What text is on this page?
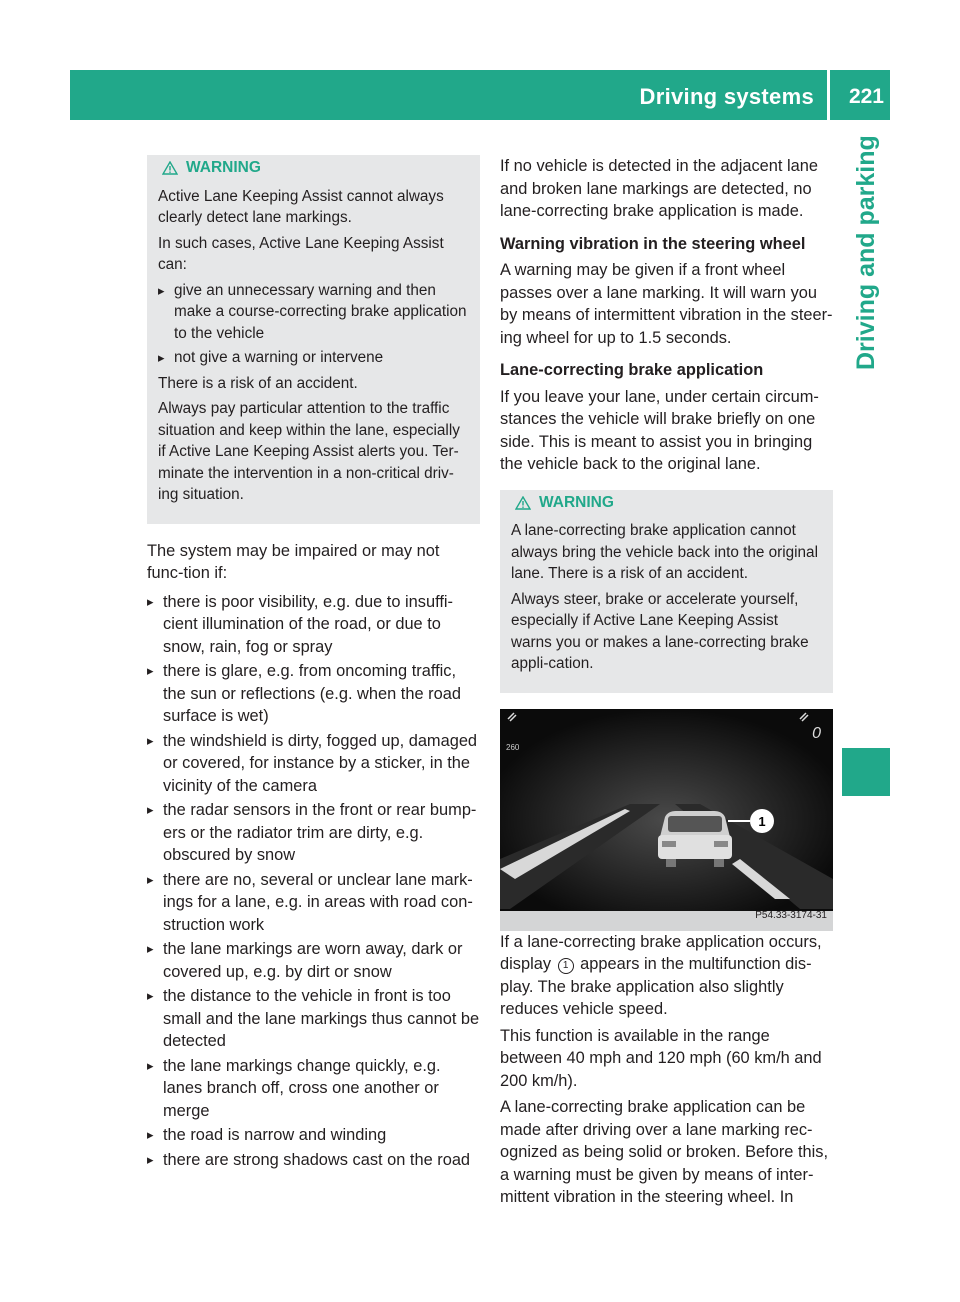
Driving systems 221
Driving and parking
WARNING

Active Lane Keeping Assist cannot always clearly detect lane markings.

In such cases, Active Lane Keeping Assist can:

▸ give an unnecessary warning and then make a course-correcting brake application to the vehicle
▸ not give a warning or intervene

There is a risk of an accident.

Always pay particular attention to the traffic situation and keep within the lane, especially if Active Lane Keeping Assist alerts you. Ter-minate the intervention in a non-critical driv-ing situation.

The system may be impaired or may not func-tion if:

▸ there is poor visibility, e.g. due to insuffi-cient illumination of the road, or due to snow, rain, fog or spray
▸ there is glare, e.g. from oncoming traffic, the sun or reflections (e.g. when the road surface is wet)
▸ the windshield is dirty, fogged up, damaged or covered, for instance by a sticker, in the vicinity of the camera
▸ the radar sensors in the front or rear bump-ers or the radiator trim are dirty, e.g. obscured by snow
▸ there are no, several or unclear lane mark-ings for a lane, e.g. in areas with road con-struction work
▸ the lane markings are worn away, dark or covered up, e.g. by dirt or snow
▸ the distance to the vehicle in front is too small and the lane markings thus cannot be detected
▸ the lane markings change quickly, e.g. lanes branch off, cross one another or merge
▸ the road is narrow and winding
▸ there are strong shadows cast on the road

If no vehicle is detected in the adjacent lane and broken lane markings are detected, no lane-correcting brake application is made.

Warning vibration in the steering wheel

A warning may be given if a front wheel passes over a lane marking. It will warn you by means of intermittent vibration in the steer-ing wheel for up to 1.5 seconds.

Lane-correcting brake application

If you leave your lane, under certain circum-stances the vehicle will brake briefly on one side. This is meant to assist you in bringing the vehicle back to the original lane.

WARNING

A lane-correcting brake application cannot always bring the vehicle back into the original lane. There is a risk of an accident.

Always steer, brake or accelerate yourself, especially if Active Lane Keeping Assist warns you or makes a lane-correcting brake appli-cation.

1
260
0
P54.33-3174-31

If a lane-correcting brake application occurs, display 1 appears in the multifunction dis-play. The brake application also slightly reduces vehicle speed.

This function is available in the range between 40 mph and 120 mph (60 km/h and 200 km/h).

A lane-correcting brake application can be made after driving over a lane marking rec-ognized as being solid or broken. Before this, a warning must be given by means of inter-mittent vibration in the steering wheel. In
